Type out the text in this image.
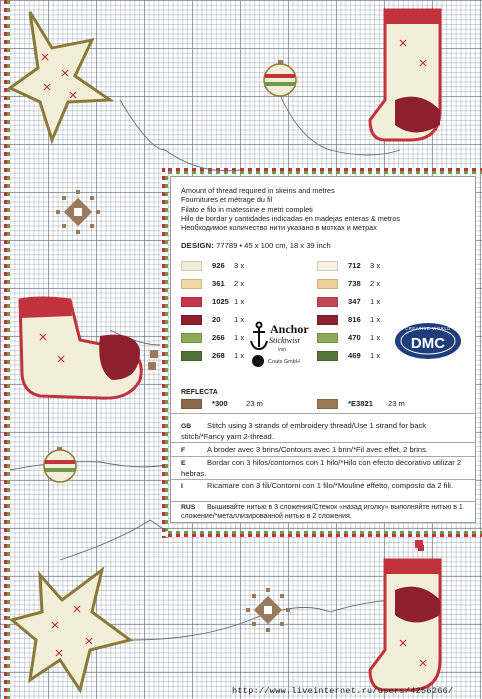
Amount of thread required in skeins and metres
Fournitures et métrage du fil
Filato e filo in matessine e metri completi
Hilo de bordar y cantidades indicadas en madejas enteras & metros
Необходимое количество нити указано в мотках и метрах
DESIGN: 77789 • 45 x 100 cm, 18 x 39 inch
926	3 x
361	2 x
1025 1 x
20	1 x
266	1 x
268	1 x
712	3 x
738	2 x
347	1 x
816	1 x
470	1 x
469	1 x
Anchor
Sticktwist
von
Coats GmbH
CREATIVE WORLD
DMC
REFLECTA
*300	23 m	*E3821	23 m
GB Stitch using 3 strands of embroidery thread/Use 1 strand for back stitch/*Fancy yarn 2-thread.
F	A broder avec 3 brins/Contours avec 1 brin/*Fil avec effet, 2 brins.
E	Bordar con 3 hilos/contornos con 1 hilo/*Hilo con efecto decorativo utilizar 2 hebras.
I	Ricamare con 3 fili/Contorni con 1 filo/*Mouliné effetto, composto da 2 fili.
RUS Вышивайте нитью в 3 сложения/Стежок «назад иголку» выполняйте нитью в 1 сложение/*металлизированной нитью в 2 сложения.
http://www.liveinternet.ru/users/4256266/
